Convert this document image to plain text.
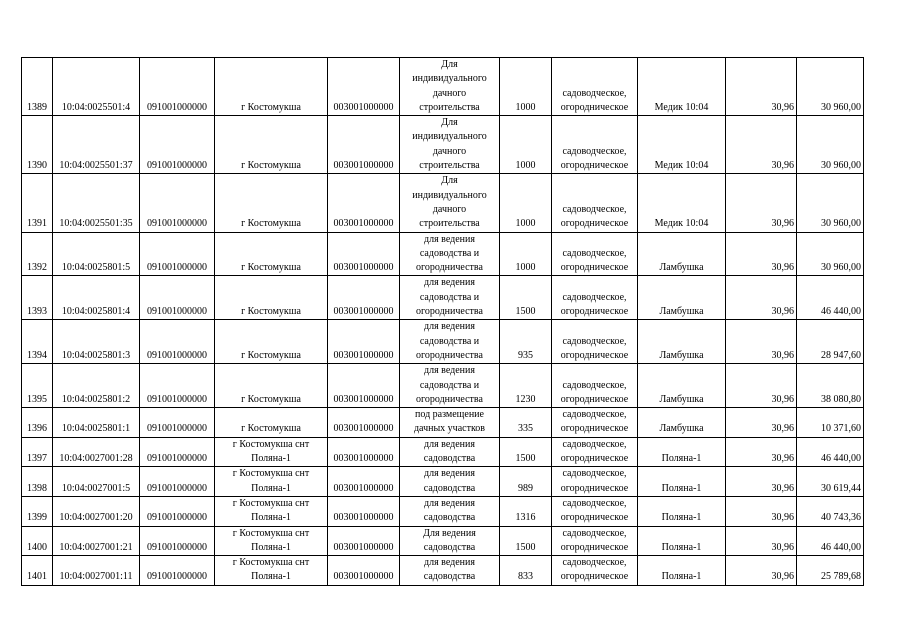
1389	10:04:0025501:4	091001000000	г Костомукша	003001000000	Для
индивидуального
дачного
строительства	1000	садоводческое,
огородническое	Медик 10:04	30,96	30 960,00
1390	10:04:0025501:37	091001000000	г Костомукша	003001000000	Для
индивидуального
дачного
строительства	1000	садоводческое,
огородническое	Медик 10:04	30,96	30 960,00
1391	10:04:0025501:35	091001000000	г Костомукша	003001000000	Для
индивидуального
дачного
строительства	1000	садоводческое,
огородническое	Медик 10:04	30,96	30 960,00
1392	10:04:0025801:5	091001000000	г Костомукша	003001000000	для ведения
садоводства и
огородничества	1000	садоводческое,
огородническое	Ламбушка	30,96	30 960,00
1393	10:04:0025801:4	091001000000	г Костомукша	003001000000	для ведения
садоводства и
огородничества	1500	садоводческое,
огородническое	Ламбушка	30,96	46 440,00
1394	10:04:0025801:3	091001000000	г Костомукша	003001000000	для ведения
садоводства и
огородничества	935	садоводческое,
огородническое	Ламбушка	30,96	28 947,60
1395	10:04:0025801:2	091001000000	г Костомукша	003001000000	для ведения
садоводства и
огородничества	1230	садоводческое,
огородническое	Ламбушка	30,96	38 080,80
1396	10:04:0025801:1	091001000000	г Костомукша	003001000000	под размещение
дачных участков	335	садоводческое,
огородническое	Ламбушка	30,96	10 371,60
1397	10:04:0027001:28	091001000000	г Костомукша снт
Поляна-1	003001000000	для ведения
садоводства	1500	садоводческое,
огородническое	Поляна-1	30,96	46 440,00
1398	10:04:0027001:5	091001000000	г Костомукша снт
Поляна-1	003001000000	для ведения
садоводства	989	садоводческое,
огородническое	Поляна-1	30,96	30 619,44
1399	10:04:0027001:20	091001000000	г Костомукша снт
Поляна-1	003001000000	для ведения
садоводства	1316	садоводческое,
огородническое	Поляна-1	30,96	40 743,36
1400	10:04:0027001:21	091001000000	г Костомукша снт
Поляна-1	003001000000	Для ведения
садоводства	1500	садоводческое,
огородническое	Поляна-1	30,96	46 440,00
1401	10:04:0027001:11	091001000000	г Костомукша снт
Поляна-1	003001000000	для ведения
садоводства	833	садоводческое,
огородническое	Поляна-1	30,96	25 789,68
